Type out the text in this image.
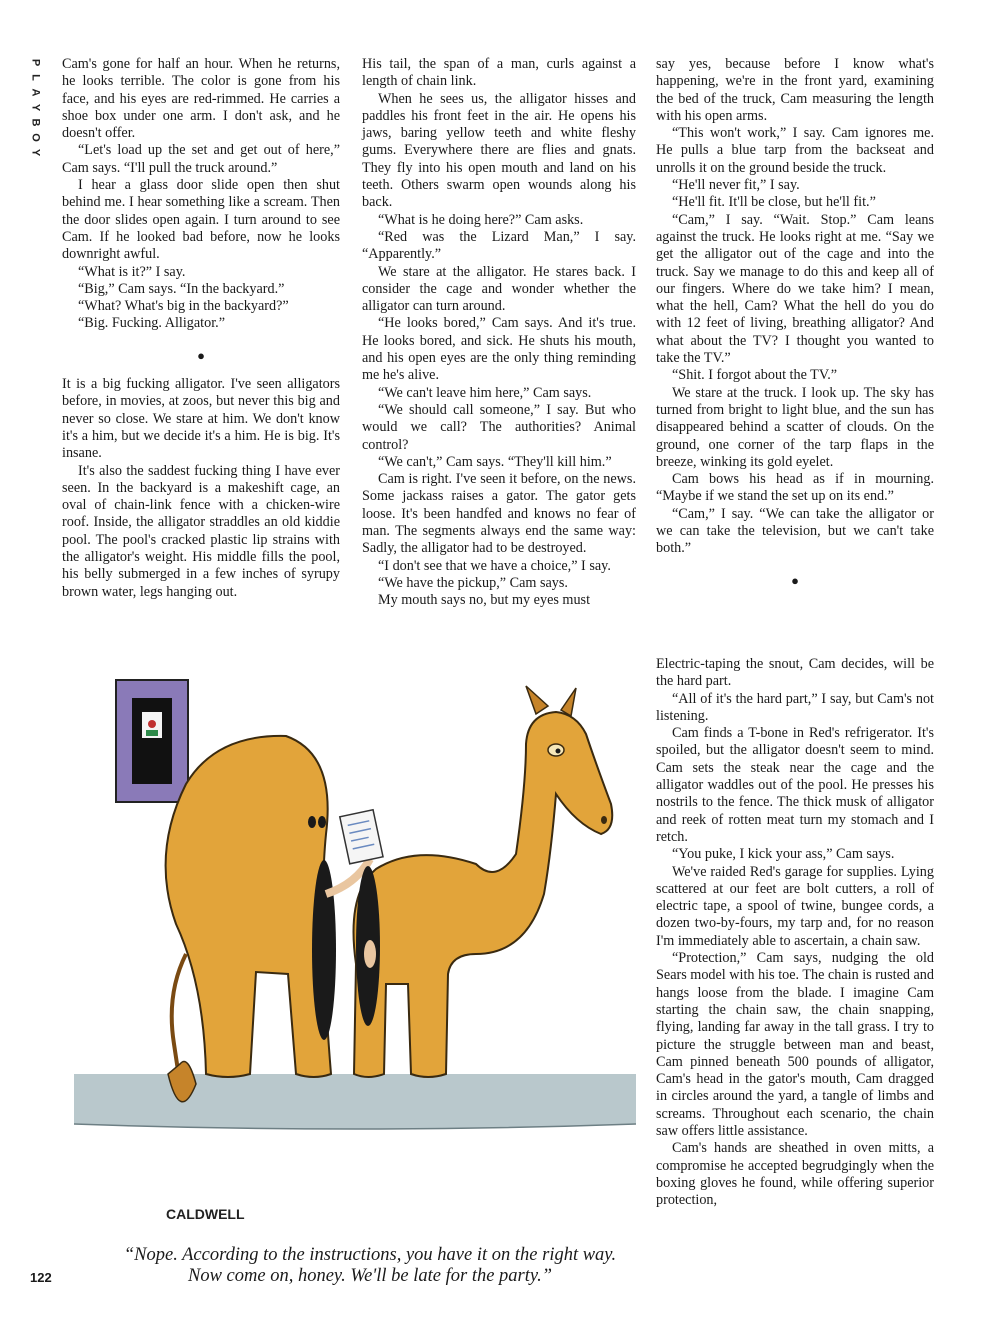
P
L
A
Y
B
O
Y

Cam's gone for half an hour. When he returns, he looks terrible. The color is gone from his face, and his eyes are red-rimmed. He carries a shoe box under one arm. I don't ask, and he doesn't offer.

“Let's load up the set and get out of here,” Cam says. “I'll pull the truck around.”

I hear a glass door slide open then shut behind me. I hear something like a scream. Then the door slides open again. I turn around to see Cam. If he looked bad before, now he looks downright awful.

“What is it?” I say.

“Big,” Cam says. “In the backyard.”

“What? What's big in the backyard?”

“Big. Fucking. Alligator.”

●

It is a big fucking alligator. I've seen alligators before, in movies, at zoos, but never this big and never so close. We stare at him. We don't know it's a him, but we decide it's a him. He is big. It's insane.

It's also the saddest fucking thing I have ever seen. In the backyard is a makeshift cage, an oval of chain-link fence with a chicken-wire roof. Inside, the alligator straddles an old kiddie pool. The pool's cracked plastic lip strains with the alligator's weight. His middle fills the pool, his belly submerged in a few inches of syrupy brown water, legs hanging out.

His tail, the span of a man, curls against a length of chain link.

When he sees us, the alligator hisses and paddles his front feet in the air. He opens his jaws, baring yellow teeth and white fleshy gums. Everywhere there are flies and gnats. They fly into his open mouth and land on his teeth. Others swarm open wounds along his back.

“What is he doing here?” Cam asks.

“Red was the Lizard Man,” I say. “Apparently.”

We stare at the alligator. He stares back. I consider the cage and wonder whether the alligator can turn around.

“He looks bored,” Cam says. And it's true. He looks bored, and sick. He shuts his mouth, and his open eyes are the only thing reminding me he's alive.

“We can't leave him here,” Cam says.

“We should call someone,” I say. But who would we call? The authorities? Animal control?

“We can't,” Cam says. “They'll kill him.”

Cam is right. I've seen it before, on the news. Some jackass raises a gator. The gator gets loose. It's been handfed and knows no fear of man. The segments always end the same way: Sadly, the alligator had to be destroyed.

“I don't see that we have a choice,” I say.

“We have the pickup,” Cam says.

My mouth says no, but my eyes must

say yes, because before I know what's happening, we're in the front yard, examining the bed of the truck, Cam measuring the length with his open arms.

“This won't work,” I say. Cam ignores me. He pulls a blue tarp from the backseat and unrolls it on the ground beside the truck.

“He'll never fit,” I say.

“He'll fit. It'll be close, but he'll fit.”

“Cam,” I say. “Wait. Stop.” Cam leans against the truck. He looks right at me. “Say we get the alligator out of the cage and into the truck. Say we manage to do this and keep all of our fingers. Where do we take him? I mean, what the hell, Cam? What the hell do you do with 12 feet of living, breathing alligator? And what about the TV? I thought you wanted to take the TV.”

“Shit. I forgot about the TV.”

We stare at the truck. I look up. The sky has turned from bright to light blue, and the sun has disappeared behind a scatter of clouds. On the ground, one corner of the tarp flaps in the breeze, winking its gold eyelet.

Cam bows his head as if in mourning. “Maybe if we stand the set up on its end.”

“Cam,” I say. “We can take the alligator or we can take the television, but we can't take both.”

●

Electric-taping the snout, Cam decides, will be the hard part.

“All of it's the hard part,” I say, but Cam's not listening.

Cam finds a T-bone in Red's refrigerator. It's spoiled, but the alligator doesn't seem to mind. Cam sets the steak near the cage and the alligator waddles out of the pool. He presses his nostrils to the fence. The thick musk of alligator and reek of rotten meat turn my stomach and I retch.

“You puke, I kick your ass,” Cam says.

We've raided Red's garage for supplies. Lying scattered at our feet are bolt cutters, a roll of electric tape, a spool of twine, bungee cords, a dozen two-by-fours, my tarp and, for no reason I'm immediately able to ascertain, a chain saw.

“Protection,” Cam says, nudging the old Sears model with his toe. The chain is rusted and hangs loose from the blade. I imagine Cam starting the chain saw, the chain snapping, flying, landing far away in the tall grass. I try to picture the struggle between man and beast, Cam pinned beneath 500 pounds of alligator, Cam's head in the gator's mouth, Cam dragged in circles around the yard, a tangle of limbs and screams. Throughout each scenario, the chain saw offers little assistance.

Cam's hands are sheathed in oven mitts, a compromise he accepted begrudgingly when the boxing gloves he found, while offering superior protection,

CALDWELL
“Nope. According to the instructions, you have it on the right way.
Now come on, honey. We'll be late for the party.”
122
